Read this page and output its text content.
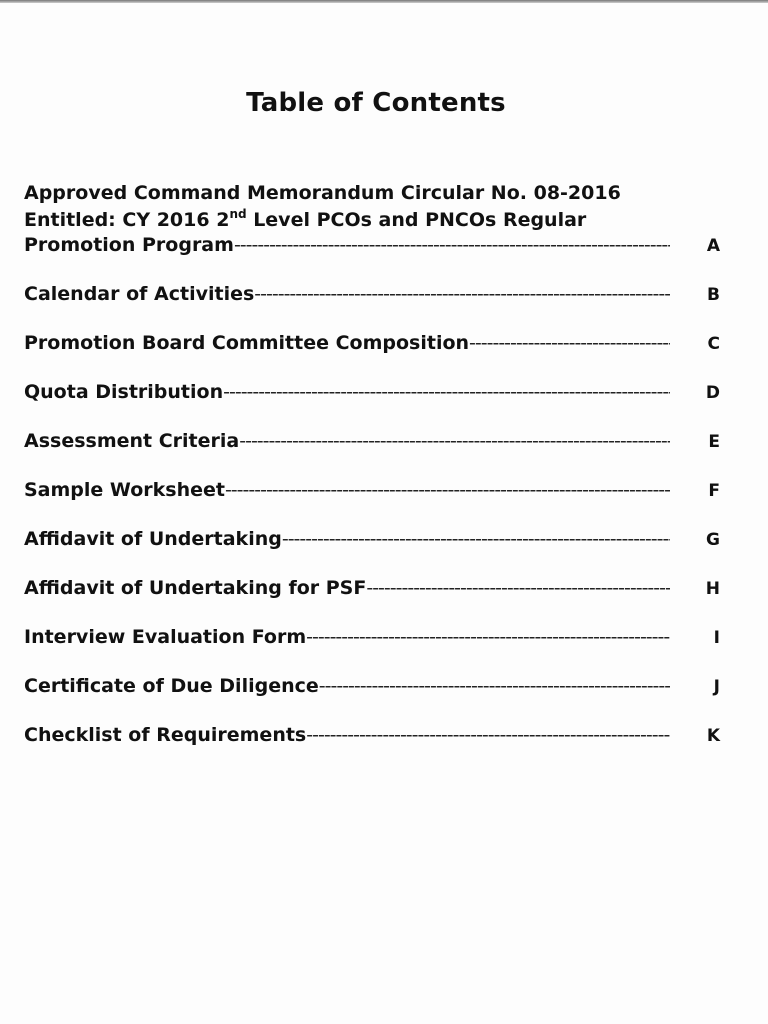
Table of Contents
Approved Command Memorandum Circular No. 08-2016
Entitled: CY 2016 2nd Level PCOs and PNCOs Regular
Promotion Program -----	A
Calendar of Activities -----	B
Promotion Board Committee Composition -----	C
Quota Distribution -----	D
Assessment Criteria -----	E
Sample Worksheet -----	F
Affidavit of Undertaking -----	G
Affidavit of Undertaking for PSF -----	H
Interview Evaluation Form -----	I
Certificate of Due Diligence -----	J
Checklist of Requirements -----	K
